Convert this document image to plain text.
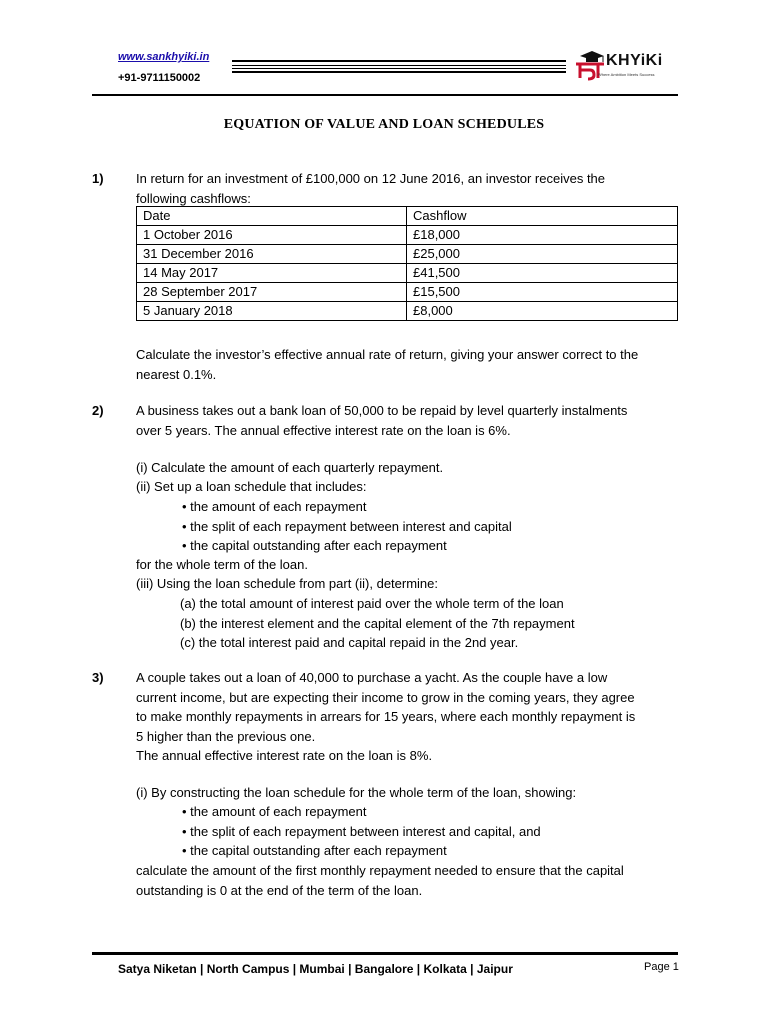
www.sankhyiki.in
+91-9711150002
KHYiKi
Where Ambition Meets Success
EQUATION OF VALUE AND LOAN SCHEDULES
1) In return for an investment of £100,000 on 12 June 2016, an investor receives the
following cashflows:
Date	Cashflow
1 October 2016	£18,000
31 December 2016	£25,000
14 May 2017	£41,500
28 September 2017	£15,500
5 January 2018	£8,000
Calculate the investor’s effective annual rate of return, giving your answer correct to the
nearest 0.1%.
2) A business takes out a bank loan of 50,000 to be repaid by level quarterly instalments
over 5 years. The annual effective interest rate on the loan is 6%.
(i) Calculate the amount of each quarterly repayment.
(ii) Set up a loan schedule that includes:
• the amount of each repayment
• the split of each repayment between interest and capital
• the capital outstanding after each repayment
for the whole term of the loan.
(iii) Using the loan schedule from part (ii), determine:
(a) the total amount of interest paid over the whole term of the loan
(b) the interest element and the capital element of the 7th repayment
(c) the total interest paid and capital repaid in the 2nd year.
3) A couple takes out a loan of 40,000 to purchase a yacht. As the couple have a low
current income, but are expecting their income to grow in the coming years, they agree
to make monthly repayments in arrears for 15 years, where each monthly repayment is
5 higher than the previous one.
The annual effective interest rate on the loan is 8%.
(i) By constructing the loan schedule for the whole term of the loan, showing:
• the amount of each repayment
• the split of each repayment between interest and capital, and
• the capital outstanding after each repayment
calculate the amount of the first monthly repayment needed to ensure that the capital
outstanding is 0 at the end of the term of the loan.
Satya Niketan | North Campus | Mumbai | Bangalore | Kolkata | Jaipur	Page 1
